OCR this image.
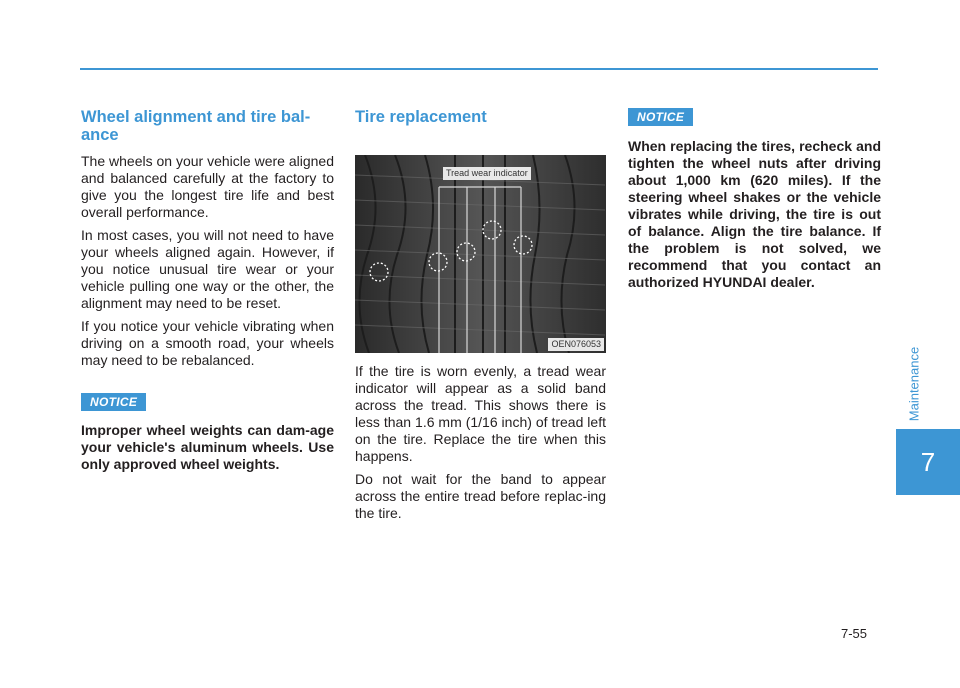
Wheel alignment and tire bal-ance

The wheels on your vehicle were aligned and balanced carefully at the factory to give you the longest tire life and best overall performance.

In most cases, you will not need to have your wheels aligned again. However, if you notice unusual tire wear or your vehicle pulling one way or the other, the alignment may need to be reset.

If you notice your vehicle vibrating when driving on a smooth road, your wheels may need to be rebalanced.

NOTICE

Improper wheel weights can dam-age your vehicle's aluminum wheels. Use only approved wheel weights.

Tire replacement
Tread wear indicator
OEN076053

If the tire is worn evenly, a tread wear indicator will appear as a solid band across the tread. This shows there is less than 1.6 mm (1/16 inch) of tread left on the tire. Replace the tire when this happens.

Do not wait for the band to appear across the entire tread before replac-ing the tire.

NOTICE

When replacing the tires, recheck and tighten the wheel nuts after driving about 1,000 km (620 miles). If the steering wheel shakes or the vehicle vibrates while driving, the tire is out of balance. Align the tire balance. If the problem is not solved, we recommend that you contact an authorized HYUNDAI dealer.

Maintenance
7
7-55
